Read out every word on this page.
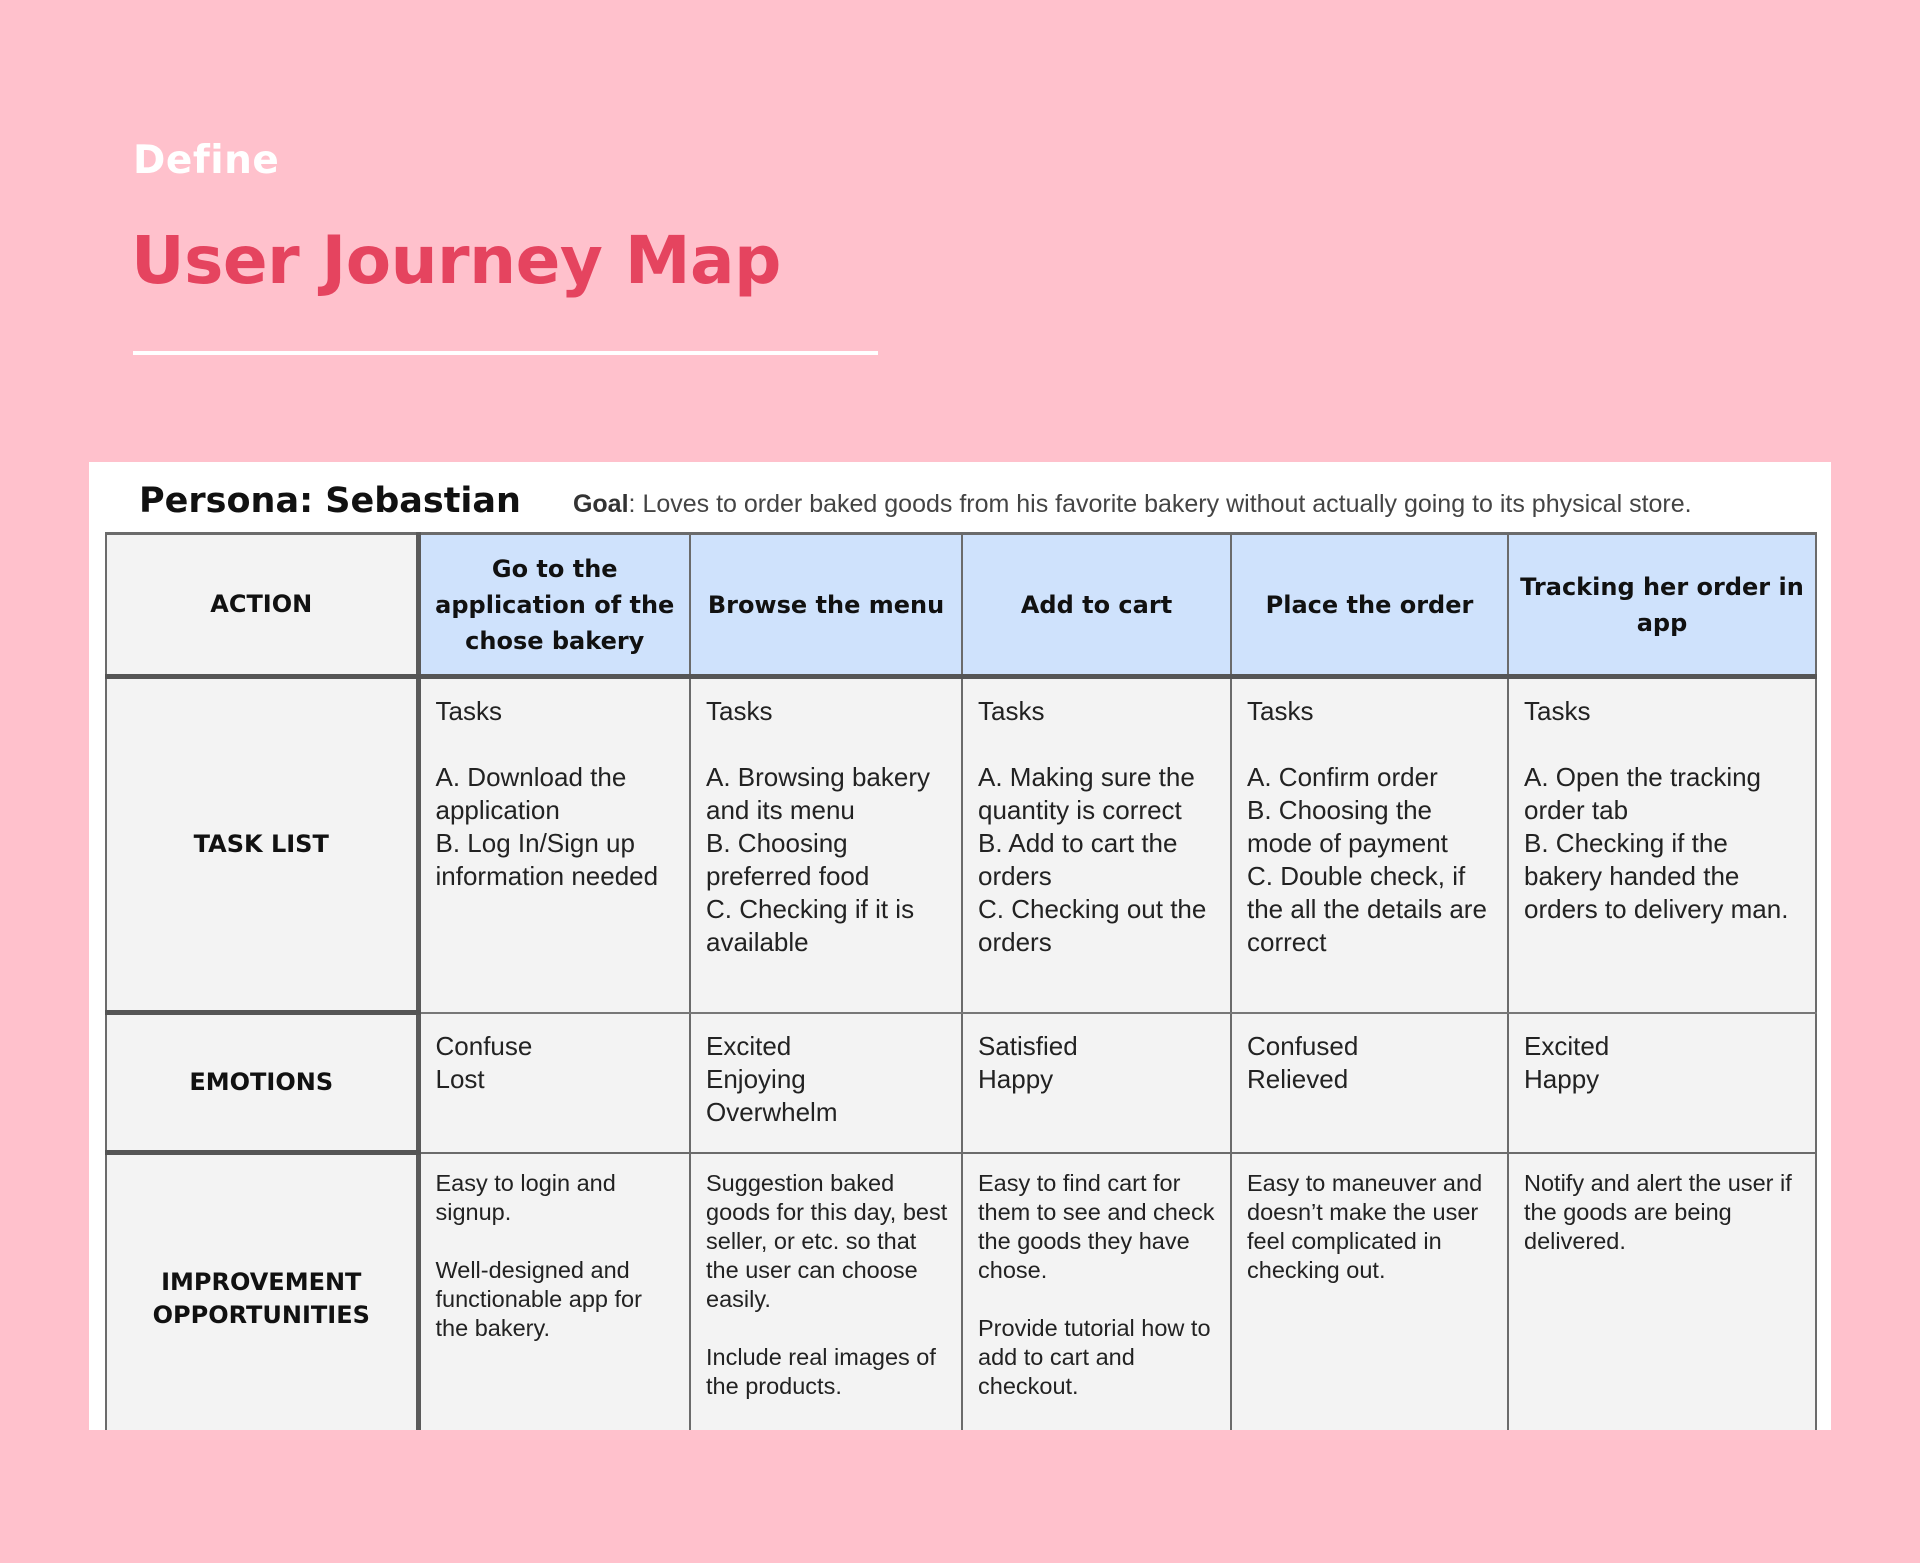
Define
User Journey Map
Persona: Sebastian Goal: Loves to order baked goods from his favorite bakery without actually going to its physical store.
ACTION	Go to the application of the chose bakery	Browse the menu	Add to cart	Place the order	Tracking her order in app
TASK LIST	Tasks

A. Download the application
B. Log In/Sign up information needed	Tasks

A. Browsing bakery and its menu
B. Choosing preferred food
C. Checking if it is available	Tasks

A. Making sure the quantity is correct
B. Add to cart the orders
C. Checking out the orders	Tasks

A. Confirm order
B. Choosing the mode of payment
C. Double check, if the all the details are correct	Tasks

A. Open the tracking order tab
B. Checking if the bakery handed the orders to delivery man.

EMOTIONS	Confuse
Lost	Excited
Enjoying
Overwhelm	Satisfied
Happy	Confused
Relieved	Excited
Happy

IMPROVEMENT OPPORTUNITIES	Easy to login and signup.

Well-designed and functionable app for the bakery.	Suggestion baked goods for this day, best seller, or etc. so that the user can choose easily.

Include real images of the products.	Easy to find cart for them to see and check the goods they have chose.

Provide tutorial how to add to cart and checkout.	Easy to maneuver and doesn’t make the user feel complicated in checking out.	Notify and alert the user if the goods are being delivered.
